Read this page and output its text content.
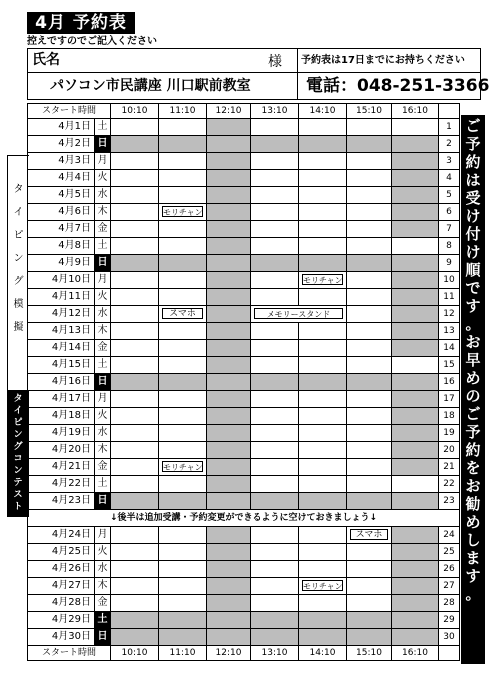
4月 予約表
控えですのでご記入ください
氏名	様
パソコン市民講座 川口駅前教室
予約表は17日までにお持ちください
電話：048-251-3366
スタート時間		10:10	11:10	12:10	13:10	14:10	15:10	16:10	
4月1日	土								1
4月2日	日								2
4月3日	月								3
4月4日	火								4
4月5日	水								5
4月6日	木		モリチャン						6
4月7日	金								7
4月8日	土								8
4月9日	日								9
4月10日	月					モリチャン			10
4月11日	火								11
4月12日	水		スマホ		メモリースタンド				12
4月13日	木								13
4月14日	金								14
4月15日	土								15
4月16日	日								16
4月17日	月								17
4月18日	火								18
4月19日	水								19
4月20日	木								20
4月21日	金		モリチャン						21
4月22日	土								22
4月23日	日								23
↓後半は追加受講・予約変更ができるように空けておきましょう↓									
4月24日	月						スマホ		24
4月25日	火								25
4月26日	水								26
4月27日	木					モリチャン			27
4月28日	金								28
4月29日	土								29
4月30日	日								30
スタート時間		10:10	11:10	12:10	13:10	14:10	15:10	16:10	
タ
イ
ピ
ン
グ
模
擬
タ
イ
ピ
ン
グ
コ
ン
テ
ス
ト
ご
予
約
は
受
け
付
け
順
で
す
。
お
早
め
の
ご
予
約
を
お
勧
め
し
ま
す
。
